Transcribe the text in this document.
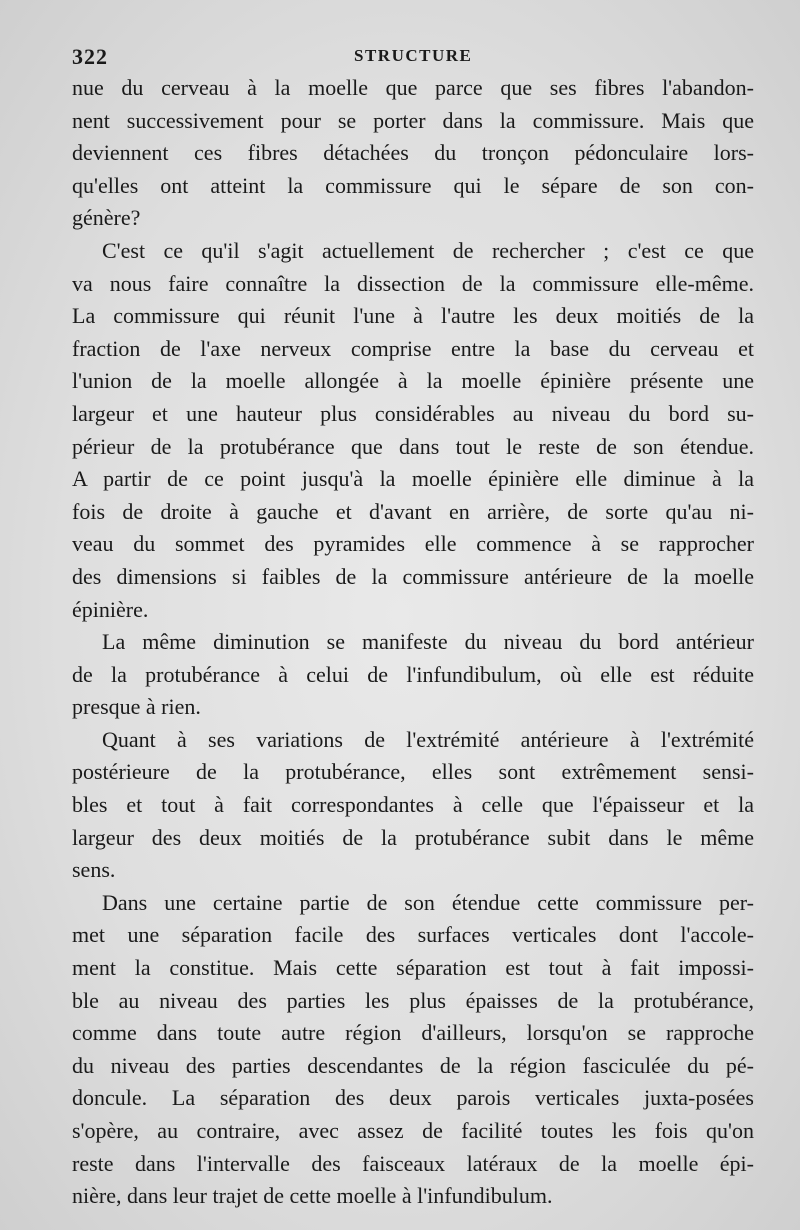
322	STRUCTURE
nue du cerveau à la moelle que parce que ses fibres l'abandon-
nent successivement pour se porter dans la commissure. Mais que
deviennent ces fibres détachées du tronçon pédonculaire lors-
qu'elles ont atteint la commissure qui le sépare de son con-
génère?
C'est ce qu'il s'agit actuellement de rechercher ; c'est ce que
va nous faire connaître la dissection de la commissure elle-même.
La commissure qui réunit l'une à l'autre les deux moitiés de la
fraction de l'axe nerveux comprise entre la base du cerveau et
l'union de la moelle allongée à la moelle épinière présente une
largeur et une hauteur plus considérables au niveau du bord su-
périeur de la protubérance que dans tout le reste de son étendue.
A partir de ce point jusqu'à la moelle épinière elle diminue à la
fois de droite à gauche et d'avant en arrière, de sorte qu'au ni-
veau du sommet des pyramides elle commence à se rapprocher
des dimensions si faibles de la commissure antérieure de la moelle
épinière.
La même diminution se manifeste du niveau du bord antérieur
de la protubérance à celui de l'infundibulum, où elle est réduite
presque à rien.
Quant à ses variations de l'extrémité antérieure à l'extrémité
postérieure de la protubérance, elles sont extrêmement sensi-
bles et tout à fait correspondantes à celle que l'épaisseur et la
largeur des deux moitiés de la protubérance subit dans le même
sens.
Dans une certaine partie de son étendue cette commissure per-
met une séparation facile des surfaces verticales dont l'accole-
ment la constitue. Mais cette séparation est tout à fait impossi-
ble au niveau des parties les plus épaisses de la protubérance,
comme dans toute autre région d'ailleurs, lorsqu'on se rapproche
du niveau des parties descendantes de la région fasciculée du pé-
doncule. La séparation des deux parois verticales juxta-posées
s'opère, au contraire, avec assez de facilité toutes les fois qu'on
reste dans l'intervalle des faisceaux latéraux de la moelle épi-
nière, dans leur trajet de cette moelle à l'infundibulum.
